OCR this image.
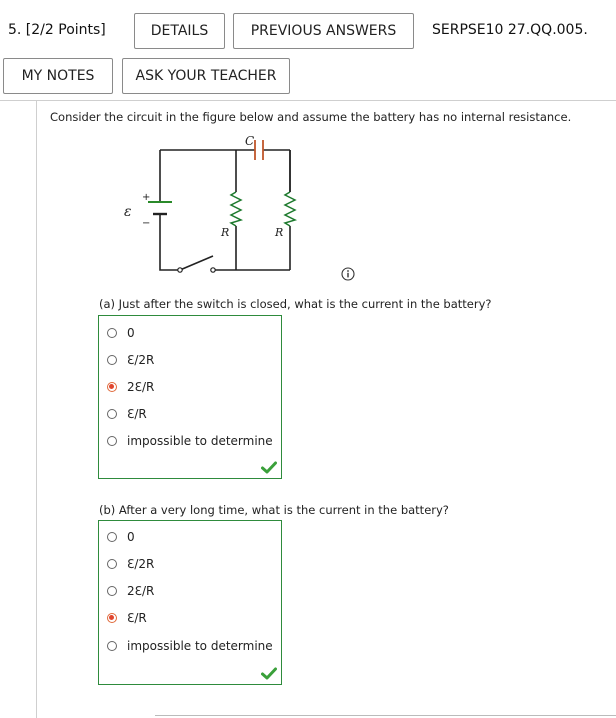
5. [2/2 Points]	DETAILS	PREVIOUS ANSWERS	SERPSE10 27.QQ.005.
MY NOTES	ASK YOUR TEACHER
Consider the circuit in the figure below and assume the battery has no internal resistance.
C
ε
+
−
R	R
(a) Just after the switch is closed, what is the current in the battery?
0
ℇ/2R
2ℇ/R
ℇ/R
impossible to determine
(b) After a very long time, what is the current in the battery?
0
ℇ/2R
2ℇ/R
ℇ/R
impossible to determine
